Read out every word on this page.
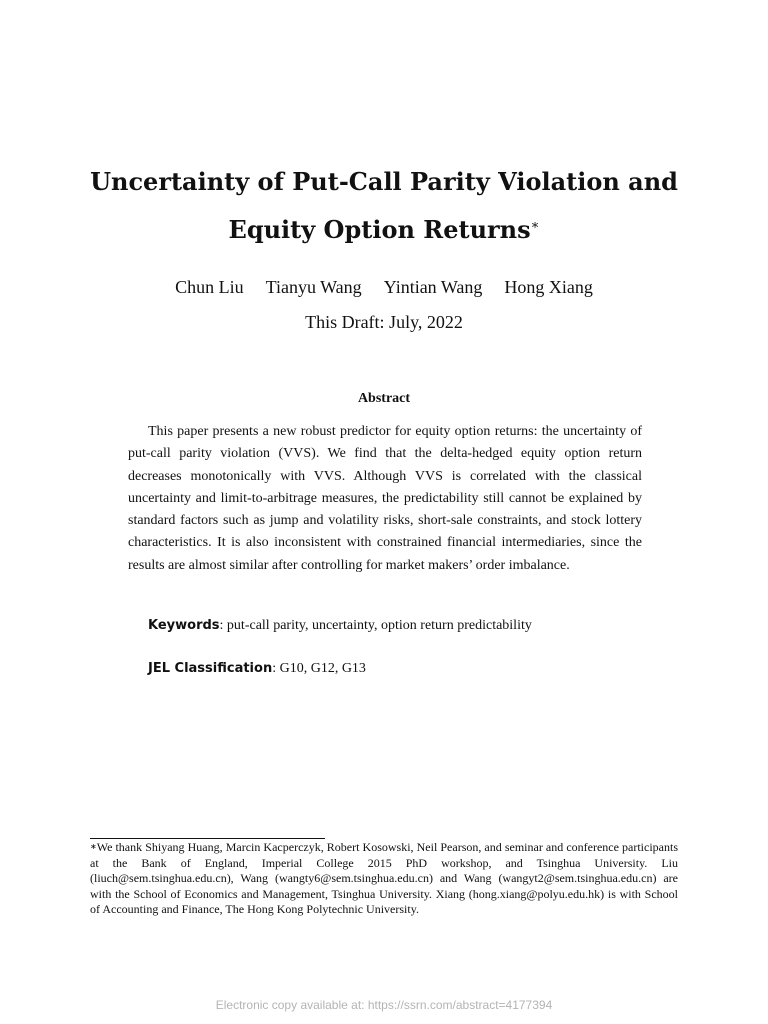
Uncertainty of Put-Call Parity Violation and
Equity Option Returns∗
Chun Liu Tianyu Wang Yintian Wang Hong Xiang
This Draft: July, 2022
Abstract

This paper presents a new robust predictor for equity option returns: the uncertainty of put-call parity violation (VVS). We find that the delta-hedged equity option return decreases monotonically with VVS. Although VVS is correlated with the classical uncertainty and limit-to-arbitrage measures, the predictability still cannot be explained by standard factors such as jump and volatility risks, short-sale constraints, and stock lottery characteristics. It is also inconsistent with constrained financial intermediaries, since the results are almost similar after controlling for market makers’ order imbalance.

Keywords: put-call parity, uncertainty, option return predictability
JEL Classification: G10, G12, G13

∗We thank Shiyang Huang, Marcin Kacperczyk, Robert Kosowski, Neil Pearson, and seminar and conference participants at the Bank of England, Imperial College 2015 PhD workshop, and Tsinghua University. Liu (liuch@sem.tsinghua.edu.cn), Wang (wangty6@sem.tsinghua.edu.cn) and Wang (wangyt2@sem.tsinghua.edu.cn) are with the School of Economics and Management, Tsinghua University. Xiang (hong.xiang@polyu.edu.hk) is with School of Accounting and Finance, The Hong Kong Polytechnic University.

Electronic copy available at: https://ssrn.com/abstract=4177394
